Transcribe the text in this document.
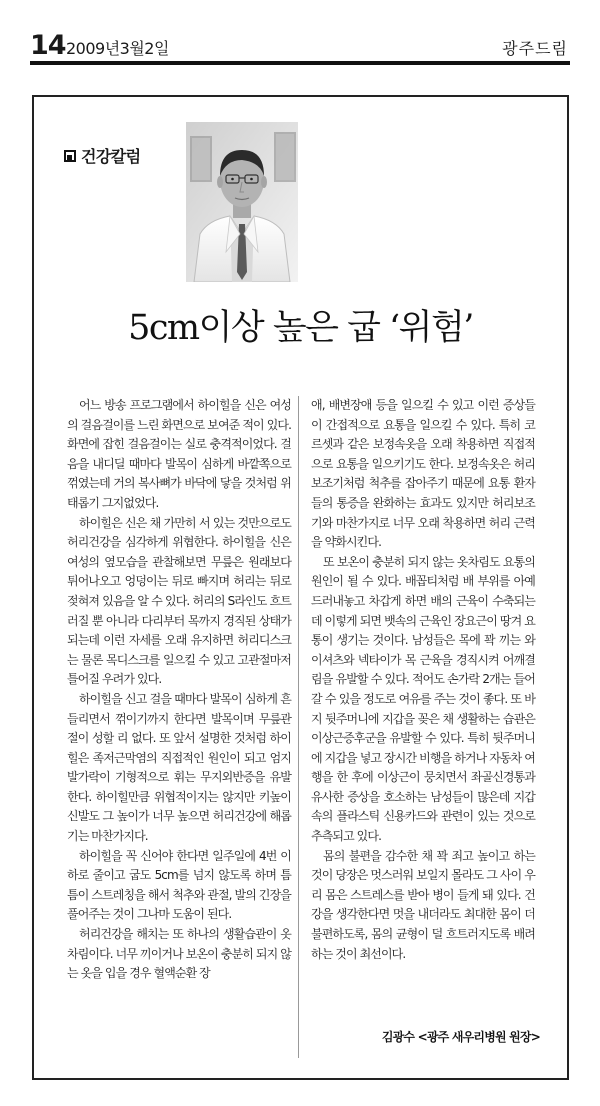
14 2009년3월2일	광주드림
건강칼럼
5cm이상 높은 굽 ‘위험’

어느 방송 프로그램에서 하이힐을 신은 여성의 걸음걸이를 느린 화면으로 보여준 적이 있다. 화면에 잡힌 걸음걸이는 실로 충격적이었다. 걸음을 내디딜 때마다 발목이 심하게 바깥쪽으로 꺾였는데 거의 복사뼈가 바닥에 닿을 것처럼 위태롭기 그지없었다.

하이힐은 신은 채 가만히 서 있는 것만으로도 허리건강을 심각하게 위협한다. 하이힐을 신은 여성의 옆모습을 관찰해보면 무릎은 원래보다 튀어나오고 엉덩이는 뒤로 빠지며 허리는 뒤로 젖혀져 있음을 알 수 있다. 허리의 S라인도 흐트러질 뿐 아니라 다리부터 목까지 경직된 상태가 되는데 이런 자세를 오래 유지하면 허리디스크는 물론 목디스크를 일으킬 수 있고 고관절마저 틀어질 우려가 있다.

하이힐을 신고 걸을 때마다 발목이 심하게 흔들리면서 꺾이기까지 한다면 발목이며 무릎관절이 성할 리 없다. 또 앞서 설명한 것처럼 하이힐은 족저근막염의 직접적인 원인이 되고 엄지발가락이 기형적으로 휘는 무지외반증을 유발한다. 하이힐만큼 위협적이지는 않지만 키높이 신발도 그 높이가 너무 높으면 허리건강에 해롭기는 마찬가지다.

하이힐을 꼭 신어야 한다면 일주일에 4번 이하로 줄이고 굽도 5cm를 넘지 않도록 하며 틈틈이 스트레칭을 해서 척추와 관절, 발의 긴장을 풀어주는 것이 그나마 도움이 된다.

허리건강을 해치는 또 하나의 생활습관이 옷차림이다. 너무 끼이거나 보온이 충분히 되지 않는 옷을 입을 경우 혈액순환 장

애, 배변장애 등을 일으킬 수 있고 이런 증상들이 간접적으로 요통을 일으킬 수 있다. 특히 코르셋과 같은 보정속옷을 오래 착용하면 직접적으로 요통을 일으키기도 한다. 보정속옷은 허리보조기처럼 척추를 잡아주기 때문에 요통 환자들의 통증을 완화하는 효과도 있지만 허리보조기와 마찬가지로 너무 오래 착용하면 허리 근력을 약화시킨다.

또 보온이 충분히 되지 않는 옷차림도 요통의 원인이 될 수 있다. 배꼽티처럼 배 부위를 아예 드러내놓고 차갑게 하면 배의 근육이 수축되는데 이렇게 되면 뱃속의 근육인 장요근이 땅겨 요통이 생기는 것이다. 남성들은 목에 꽉 끼는 와이셔츠와 넥타이가 목 근육을 경직시켜 어깨결림을 유발할 수 있다. 적어도 손가락 2개는 들어갈 수 있을 정도로 여유를 주는 것이 좋다. 또 바지 뒷주머니에 지갑을 꽂은 채 생활하는 습관은 이상근증후군을 유발할 수 있다. 특히 뒷주머니에 지갑을 넣고 장시간 비행을 하거나 자동차 여행을 한 후에 이상근이 뭉치면서 좌골신경통과 유사한 증상을 호소하는 남성들이 많은데 지갑속의 플라스틱 신용카드와 관련이 있는 것으로 추측되고 있다.

몸의 불편을 감수한 채 꽉 죄고 높이고 하는 것이 당장은 멋스러워 보일지 몰라도 그 사이 우리 몸은 스트레스를 받아 병이 들게 돼 있다. 건강을 생각한다면 멋을 내더라도 최대한 몸이 더 불편하도록, 몸의 균형이 덜 흐트러지도록 배려하는 것이 최선이다.

김광수 <광주 새우리병원 원장>
